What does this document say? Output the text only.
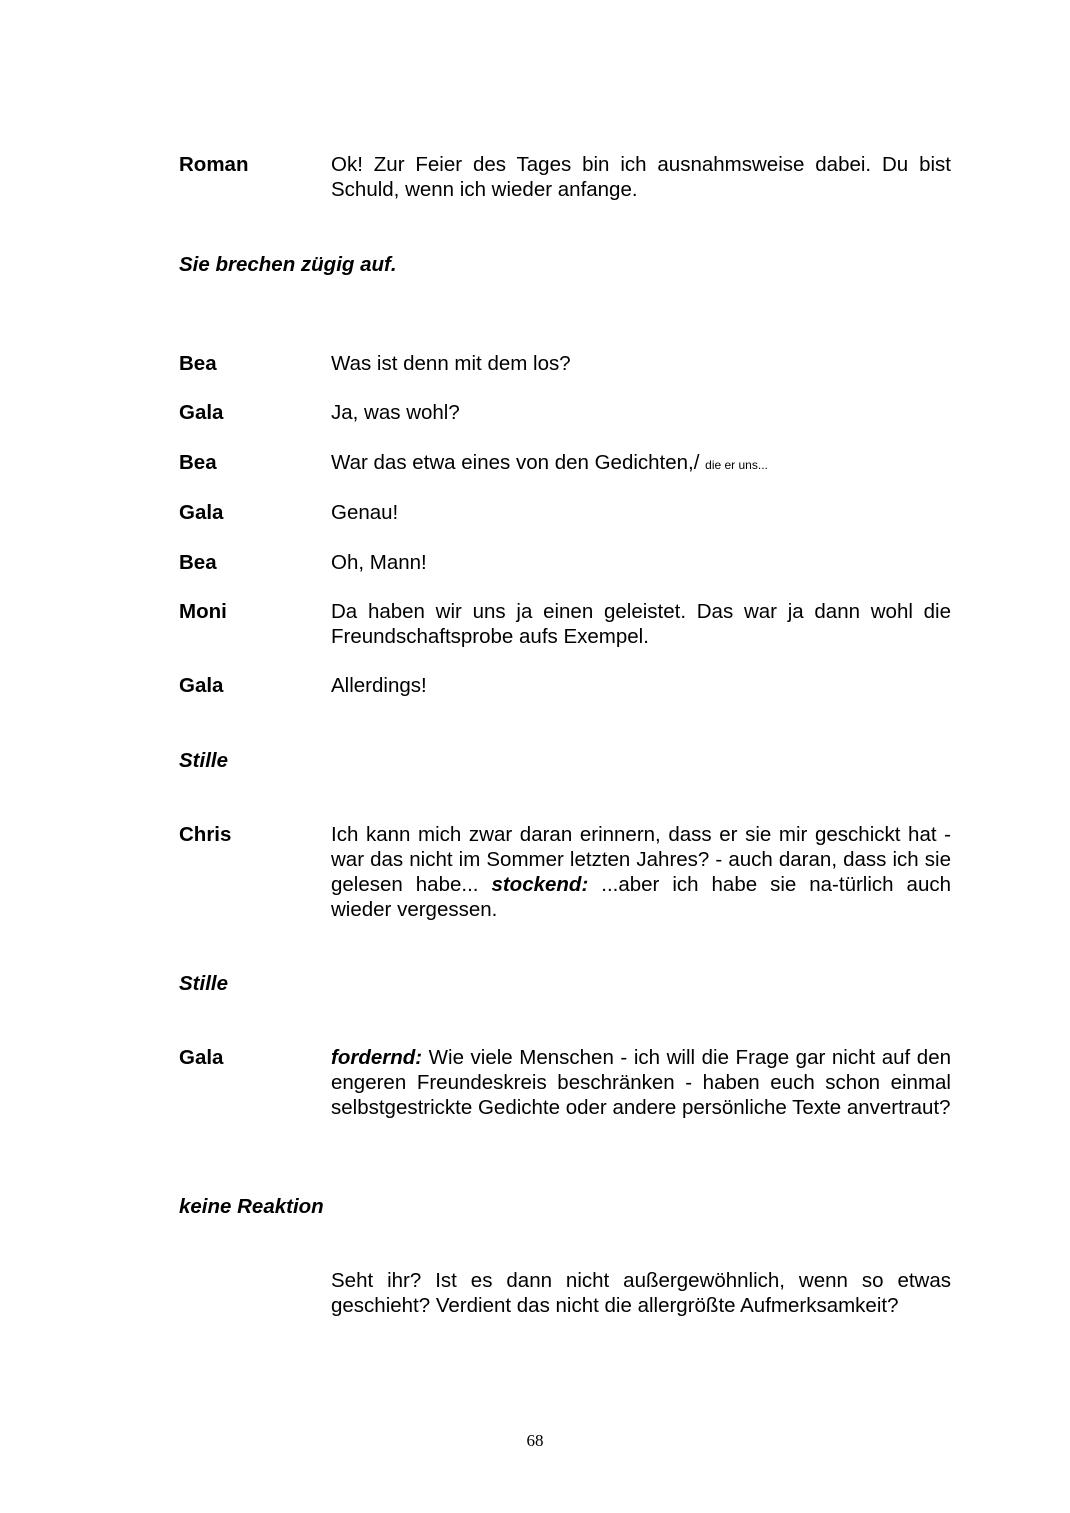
Roman	Ok! Zur Feier des Tages bin ich ausnahmsweise dabei. Du bist Schuld, wenn ich wieder anfange.
Sie brechen zügig auf.
Bea	Was ist denn mit dem los?
Gala	Ja, was wohl?
Bea	War das etwa eines von den Gedichten,/ die er uns...
Gala	Genau!
Bea	Oh, Mann!
Moni	Da haben wir uns ja einen geleistet. Das war ja dann wohl die Freundschaftsprobe aufs Exempel.
Gala	Allerdings!
Stille
Chris	Ich kann mich zwar daran erinnern, dass er sie mir geschickt hat - war das nicht im Sommer letzten Jahres? - auch daran, dass ich sie gelesen habe... stockend: ...aber ich habe sie na-türlich auch wieder vergessen.
Stille
Gala	fordernd: Wie viele Menschen - ich will die Frage gar nicht auf den engeren Freundeskreis beschränken - haben euch schon einmal selbstgestrickte Gedichte oder andere persönliche Texte anvertraut?
keine Reaktion
Seht ihr? Ist es dann nicht außergewöhnlich, wenn so etwas geschieht? Verdient das nicht die allergrößte Aufmerksamkeit?
68
